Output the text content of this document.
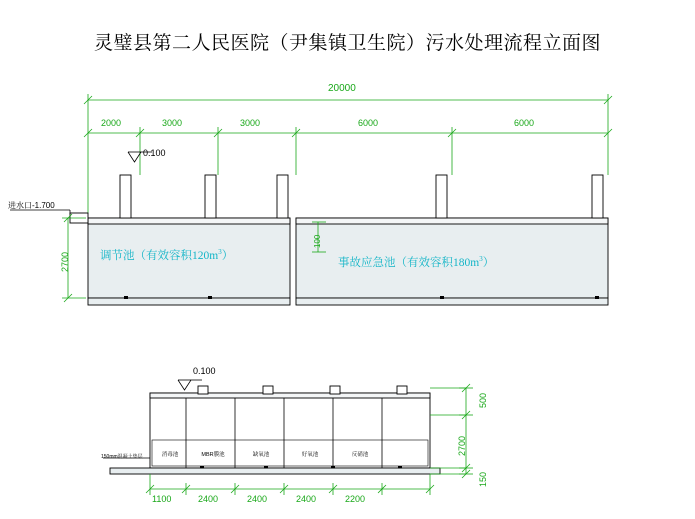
灵璧县第二人民医院（尹集镇卫生院）污水处理流程立面图
20000
2000	3000	3000	6000	6000
0.100
进水口-1.700
2700
100
调节池（有效容积$120m^3$）
事故应急池（有效容积$180m^3$）
0.100
150mm混凝土垫层	消毒池	MBR膜池	缺氧池	好氧池	反硝池
1100	2400	2400	2400	2200
500
2700
150
